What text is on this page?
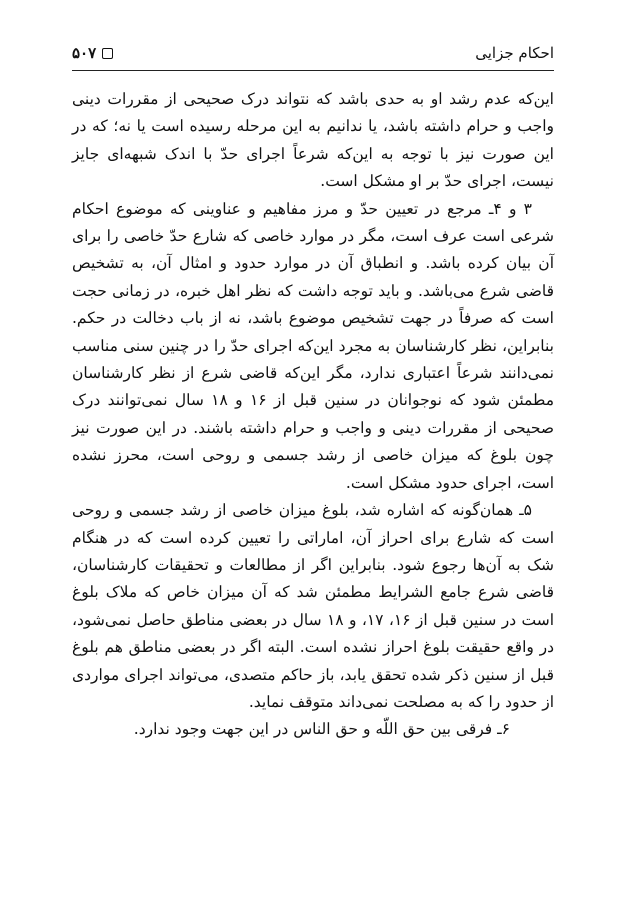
احکام جزایی
۵۰۷

این‌که عدم رشد او به حدی باشد که نتواند درک صحیحی از مقررات دینی واجب و حرام داشته باشد، یا ندانیم به این مرحله رسیده است یا نه؛ که در این صورت نیز با توجه به این‌که شرعاً اجرای حدّ با اندک شبهه‌ای جایز نیست، اجرای حدّ بر او مشکل است.

۳ و ۴ـ مرجع در تعیین حدّ و مرز مفاهیم و عناوینی که موضوع احکام شرعی است عرف است، مگر در موارد خاصی که شارع حدّ خاصی را برای آن بیان کرده باشد. و انطباق آن در موارد حدود و امثال آن، به تشخیص قاضی شرع می‌باشد. و باید توجه داشت که نظر اهل خبره، در زمانی حجت است که صرفاً در جهت تشخیص موضوع باشد، نه از باب دخالت در حکم. بنابراین، نظر کارشناسان به مجرد این‌که اجرای حدّ را در چنین سنی مناسب نمی‌دانند شرعاً اعتباری ندارد، مگر این‌که قاضی شرع از نظر کارشناسان مطمئن شود که نوجوانان در سنین قبل از ۱۶ و ۱۸ سال نمی‌توانند درک صحیحی از مقررات دینی و واجب و حرام داشته باشند. در این صورت نیز چون بلوغ که میزان خاصی از رشد جسمی و روحی است، محرز نشده است، اجرای حدود مشکل است.

۵ـ همان‌گونه که اشاره شد، بلوغ میزان خاصی از رشد جسمی و روحی است که شارع برای احراز آن، اماراتی را تعیین کرده است که در هنگام شک به آن‌ها رجوع شود. بنابراین اگر از مطالعات و تحقیقات کارشناسان، قاضی شرع جامع الشرایط مطمئن شد که آن میزان خاص که ملاک بلوغ است در سنین قبل از ۱۶، ۱۷، و ۱۸ سال در بعضی مناطق حاصل نمی‌شود، در واقع حقیقت بلوغ احراز نشده است. البته اگر در بعضی مناطق هم بلوغ قبل از سنین ذکر شده تحقق یابد، باز حاکم متصدی، می‌تواند اجرای مواردی از حدود را که به مصلحت نمی‌داند متوقف نماید.

۶ـ فرقی بین حق اللّه و حق الناس در این جهت وجود ندارد.
